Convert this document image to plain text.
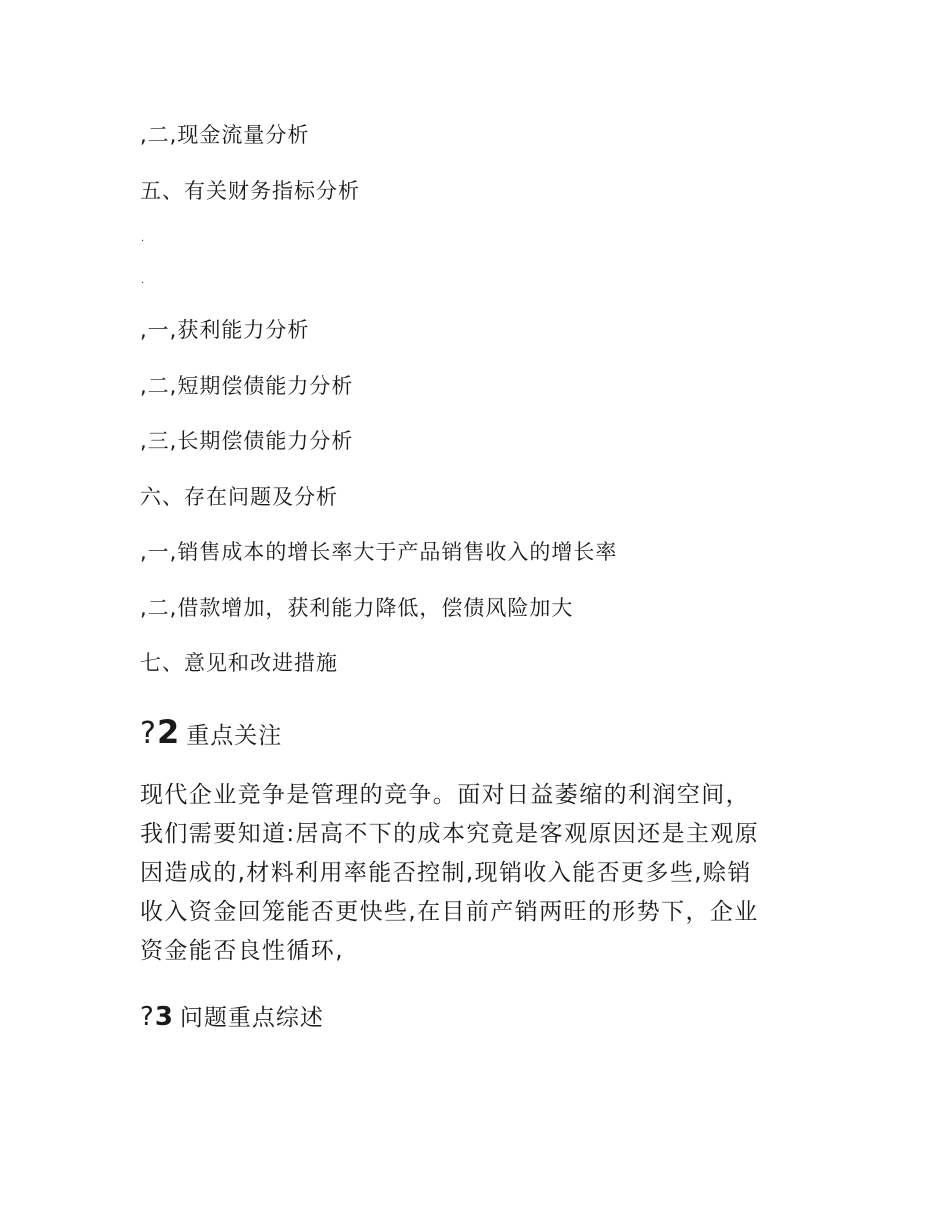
,二,现金流量分析
五、有关财务指标分析
.
.
,一,获利能力分析
,二,短期偿债能力分析
,三,长期偿债能力分析
六、存在问题及分析
,一,销售成本的增长率大于产品销售收入的增长率
,二,借款增加，获利能力降低，偿债风险加大
七、意见和改进措施
?2 重点关注
现代企业竞争是管理的竞争。面对日益萎缩的利润空间，
我们需要知道:居高不下的成本究竟是客观原因还是主观原
因造成的,材料利用率能否控制,现销收入能否更多些,赊销
收入资金回笼能否更快些,在目前产销两旺的形势下，企业
资金能否良性循环,
?3 问题重点综述
